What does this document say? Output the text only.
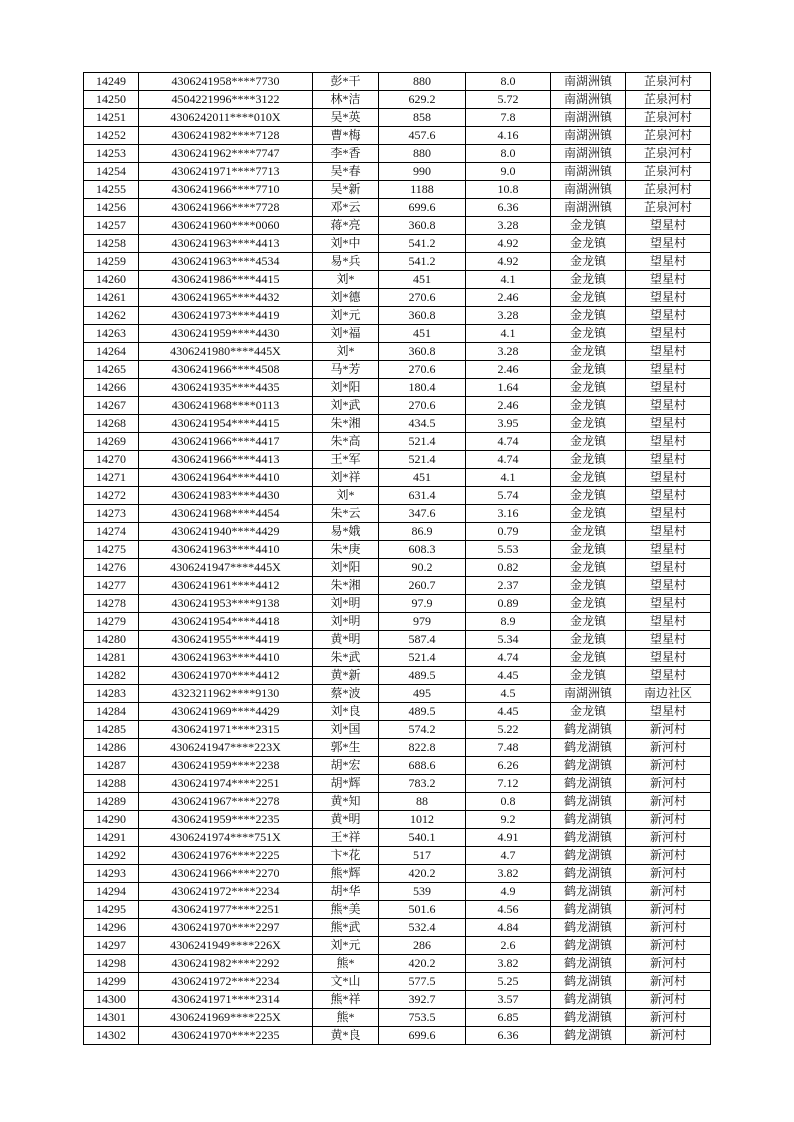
14249	4306241958****7730	彭*干	880	8.0	南湖洲镇	芷泉河村
14250	4504221996****3122	林*洁	629.2	5.72	南湖洲镇	芷泉河村
14251	4306242011****010X	吴*英	858	7.8	南湖洲镇	芷泉河村
14252	4306241982****7128	曹*梅	457.6	4.16	南湖洲镇	芷泉河村
14253	4306241962****7747	李*香	880	8.0	南湖洲镇	芷泉河村
14254	4306241971****7713	吴*春	990	9.0	南湖洲镇	芷泉河村
14255	4306241966****7710	吴*新	1188	10.8	南湖洲镇	芷泉河村
14256	4306241966****7728	邓*云	699.6	6.36	南湖洲镇	芷泉河村
14257	4306241960****0060	蒋*亮	360.8	3.28	金龙镇	望星村
14258	4306241963****4413	刘*中	541.2	4.92	金龙镇	望星村
14259	4306241963****4534	易*兵	541.2	4.92	金龙镇	望星村
14260	4306241986****4415	刘*	451	4.1	金龙镇	望星村
14261	4306241965****4432	刘*德	270.6	2.46	金龙镇	望星村
14262	4306241973****4419	刘*元	360.8	3.28	金龙镇	望星村
14263	4306241959****4430	刘*福	451	4.1	金龙镇	望星村
14264	4306241980****445X	刘*	360.8	3.28	金龙镇	望星村
14265	4306241966****4508	马*芳	270.6	2.46	金龙镇	望星村
14266	4306241935****4435	刘*阳	180.4	1.64	金龙镇	望星村
14267	4306241968****0113	刘*武	270.6	2.46	金龙镇	望星村
14268	4306241954****4415	朱*湘	434.5	3.95	金龙镇	望星村
14269	4306241966****4417	朱*高	521.4	4.74	金龙镇	望星村
14270	4306241966****4413	王*军	521.4	4.74	金龙镇	望星村
14271	4306241964****4410	刘*祥	451	4.1	金龙镇	望星村
14272	4306241983****4430	刘*	631.4	5.74	金龙镇	望星村
14273	4306241968****4454	朱*云	347.6	3.16	金龙镇	望星村
14274	4306241940****4429	易*娥	86.9	0.79	金龙镇	望星村
14275	4306241963****4410	朱*庚	608.3	5.53	金龙镇	望星村
14276	4306241947****445X	刘*阳	90.2	0.82	金龙镇	望星村
14277	4306241961****4412	朱*湘	260.7	2.37	金龙镇	望星村
14278	4306241953****9138	刘*明	97.9	0.89	金龙镇	望星村
14279	4306241954****4418	刘*明	979	8.9	金龙镇	望星村
14280	4306241955****4419	黄*明	587.4	5.34	金龙镇	望星村
14281	4306241963****4410	朱*武	521.4	4.74	金龙镇	望星村
14282	4306241970****4412	黄*新	489.5	4.45	金龙镇	望星村
14283	4323211962****9130	蔡*波	495	4.5	南湖洲镇	南边社区
14284	4306241969****4429	刘*良	489.5	4.45	金龙镇	望星村
14285	4306241971****2315	刘*国	574.2	5.22	鹤龙湖镇	新河村
14286	4306241947****223X	郭*生	822.8	7.48	鹤龙湖镇	新河村
14287	4306241959****2238	胡*宏	688.6	6.26	鹤龙湖镇	新河村
14288	4306241974****2251	胡*辉	783.2	7.12	鹤龙湖镇	新河村
14289	4306241967****2278	黄*知	88	0.8	鹤龙湖镇	新河村
14290	4306241959****2235	黄*明	1012	9.2	鹤龙湖镇	新河村
14291	4306241974****751X	王*祥	540.1	4.91	鹤龙湖镇	新河村
14292	4306241976****2225	卞*花	517	4.7	鹤龙湖镇	新河村
14293	4306241966****2270	熊*辉	420.2	3.82	鹤龙湖镇	新河村
14294	4306241972****2234	胡*华	539	4.9	鹤龙湖镇	新河村
14295	4306241977****2251	熊*美	501.6	4.56	鹤龙湖镇	新河村
14296	4306241970****2297	熊*武	532.4	4.84	鹤龙湖镇	新河村
14297	4306241949****226X	刘*元	286	2.6	鹤龙湖镇	新河村
14298	4306241982****2292	熊*	420.2	3.82	鹤龙湖镇	新河村
14299	4306241972****2234	文*山	577.5	5.25	鹤龙湖镇	新河村
14300	4306241971****2314	熊*祥	392.7	3.57	鹤龙湖镇	新河村
14301	4306241969****225X	熊*	753.5	6.85	鹤龙湖镇	新河村
14302	4306241970****2235	黄*良	699.6	6.36	鹤龙湖镇	新河村
